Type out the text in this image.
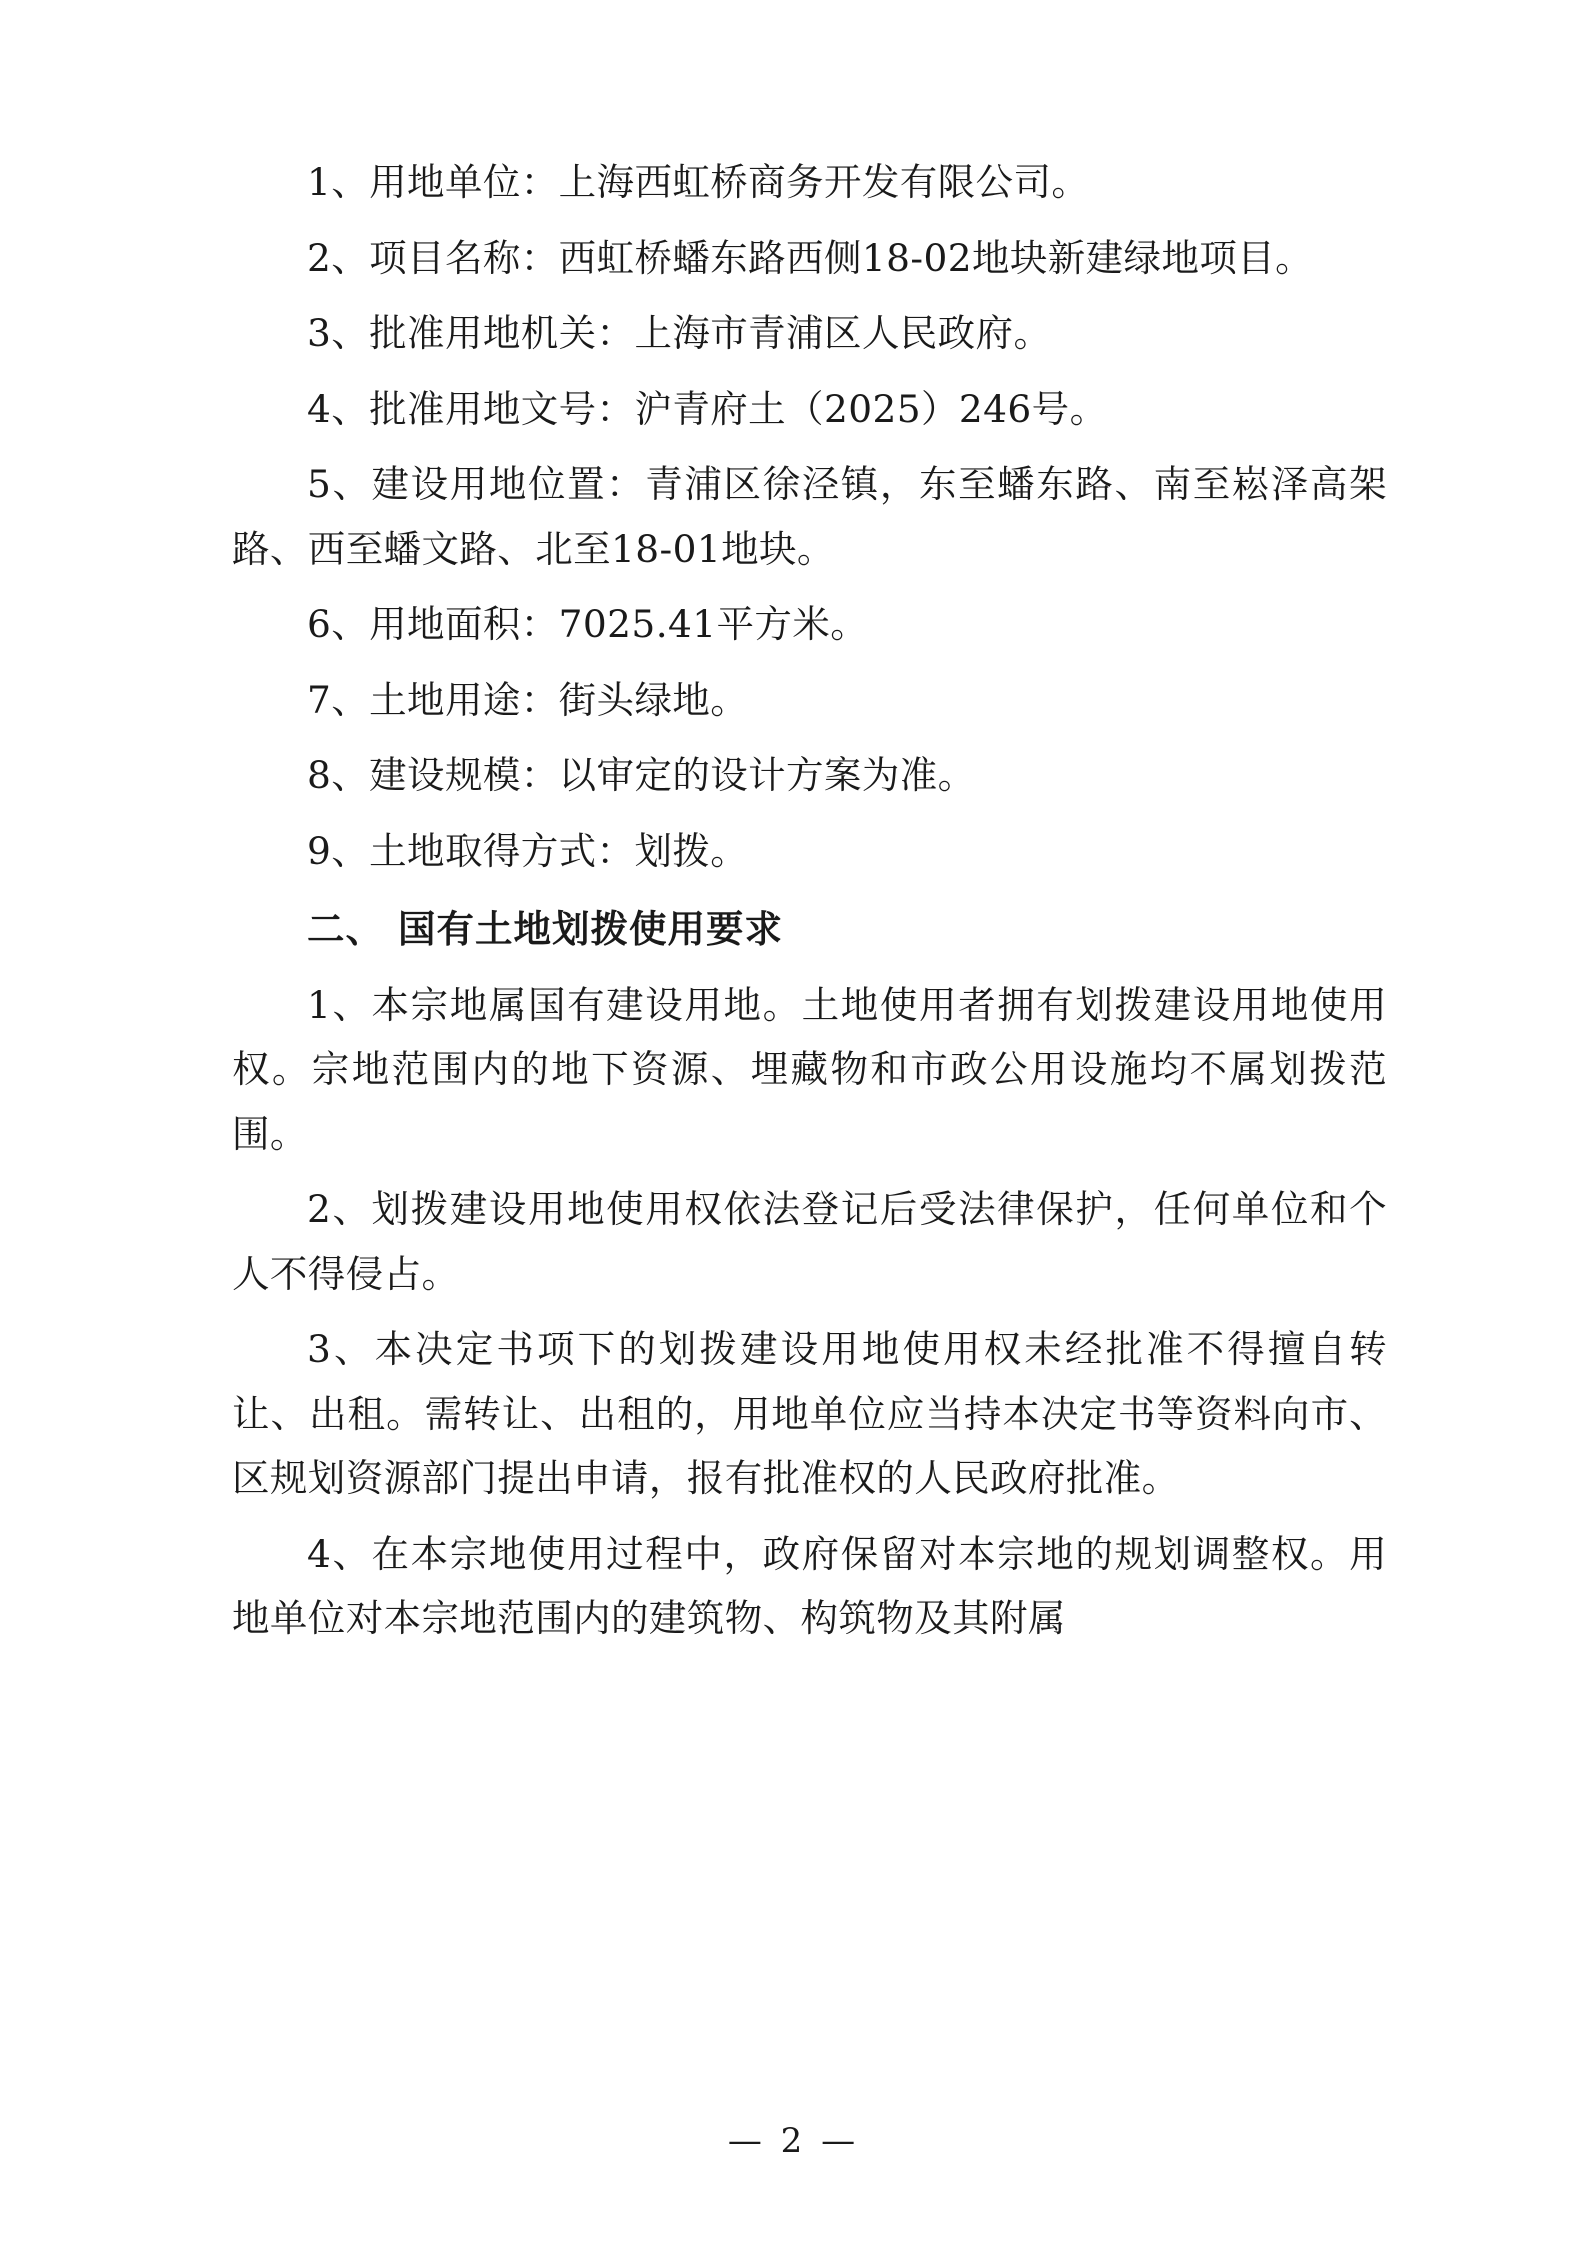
1、用地单位：上海西虹桥商务开发有限公司。

2、项目名称：西虹桥蟠东路西侧18-02地块新建绿地项目。

3、批准用地机关：上海市青浦区人民政府。

4、批准用地文号：沪青府土（2025）246号。

5、建设用地位置：青浦区徐泾镇，东至蟠东路、南至崧泽高架路、西至蟠文路、北至18-01地块。

6、用地面积：7025.41平方米。

7、土地用途：街头绿地。

8、建设规模：以审定的设计方案为准。

9、土地取得方式：划拨。

二、 国有土地划拨使用要求

1、本宗地属国有建设用地。土地使用者拥有划拨建设用地使用权。宗地范围内的地下资源、埋藏物和市政公用设施均不属划拨范围。

2、划拨建设用地使用权依法登记后受法律保护，任何单位和个人不得侵占。

3、本决定书项下的划拨建设用地使用权未经批准不得擅自转让、出租。需转让、出租的，用地单位应当持本决定书等资料向市、区规划资源部门提出申请，报有批准权的人民政府批准。

4、在本宗地使用过程中，政府保留对本宗地的规划调整权。用地单位对本宗地范围内的建筑物、构筑物及其附属

— 2 —
